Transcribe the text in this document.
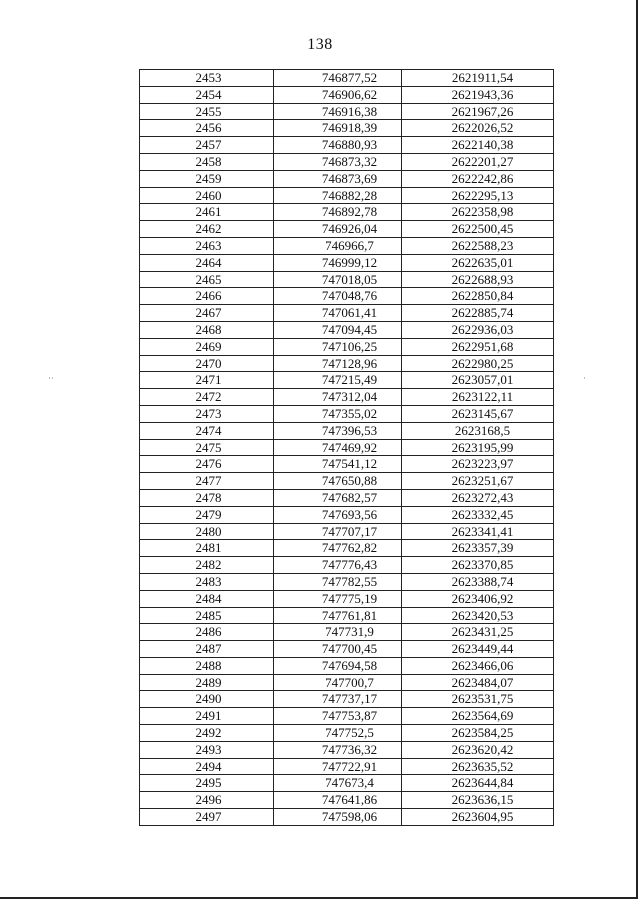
138
˙˙	˙
2453	746877,52	2621911,54
2454	746906,62	2621943,36
2455	746916,38	2621967,26
2456	746918,39	2622026,52
2457	746880,93	2622140,38
2458	746873,32	2622201,27
2459	746873,69	2622242,86
2460	746882,28	2622295,13
2461	746892,78	2622358,98
2462	746926,04	2622500,45
2463	746966,7	2622588,23
2464	746999,12	2622635,01
2465	747018,05	2622688,93
2466	747048,76	2622850,84
2467	747061,41	2622885,74
2468	747094,45	2622936,03
2469	747106,25	2622951,68
2470	747128,96	2622980,25
2471	747215,49	2623057,01
2472	747312,04	2623122,11
2473	747355,02	2623145,67
2474	747396,53	2623168,5
2475	747469,92	2623195,99
2476	747541,12	2623223,97
2477	747650,88	2623251,67
2478	747682,57	2623272,43
2479	747693,56	2623332,45
2480	747707,17	2623341,41
2481	747762,82	2623357,39
2482	747776,43	2623370,85
2483	747782,55	2623388,74
2484	747775,19	2623406,92
2485	747761,81	2623420,53
2486	747731,9	2623431,25
2487	747700,45	2623449,44
2488	747694,58	2623466,06
2489	747700,7	2623484,07
2490	747737,17	2623531,75
2491	747753,87	2623564,69
2492	747752,5	2623584,25
2493	747736,32	2623620,42
2494	747722,91	2623635,52
2495	747673,4	2623644,84
2496	747641,86	2623636,15
2497	747598,06	2623604,95
